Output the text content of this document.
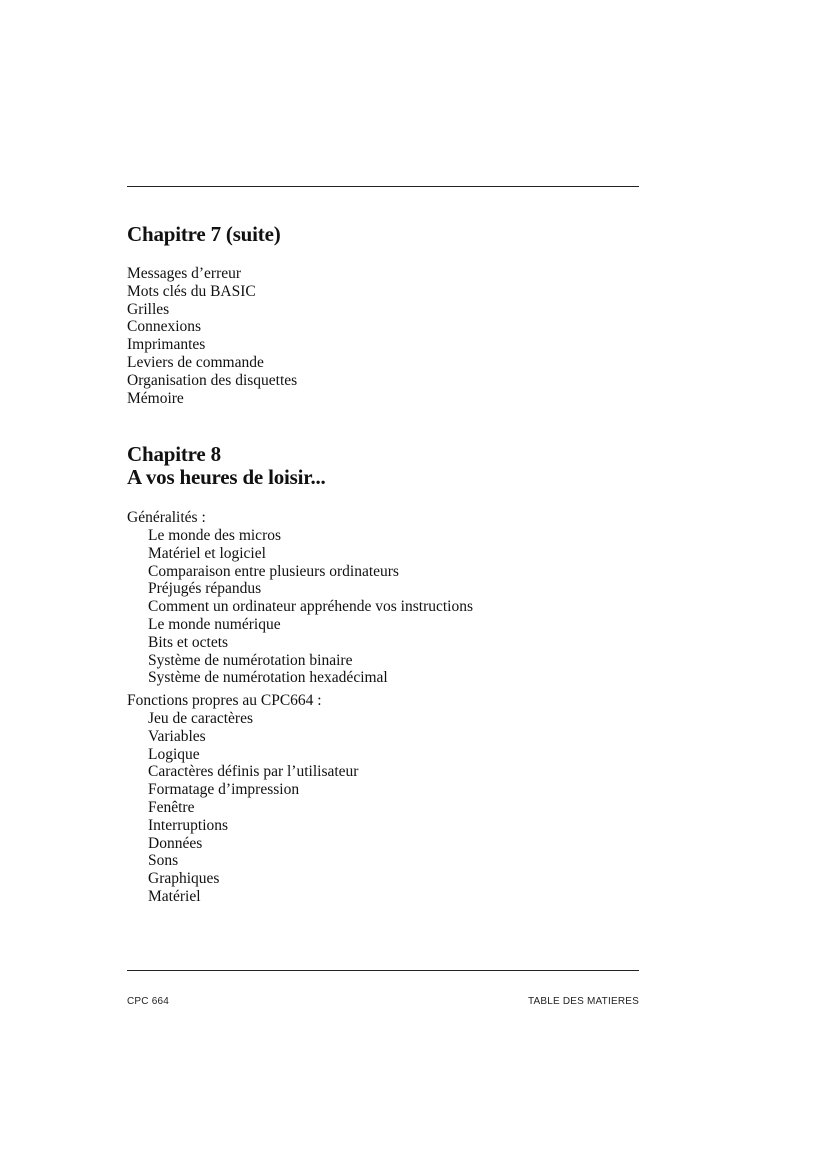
Chapitre 7 (suite)
Messages d’erreur
Mots clés du BASIC
Grilles
Connexions
Imprimantes
Leviers de commande
Organisation des disquettes
Mémoire
Chapitre 8
A vos heures de loisir...

Généralités :

Le monde des micros
Matériel et logiciel
Comparaison entre plusieurs ordinateurs
Préjugés répandus
Comment un ordinateur appréhende vos instructions
Le monde numérique
Bits et octets
Système de numérotation binaire
Système de numérotation hexadécimal

Fonctions propres au CPC664 :

Jeu de caractères
Variables
Logique
Caractères définis par l’utilisateur
Formatage d’impression
Fenêtre
Interruptions
Données
Sons
Graphiques
Matériel
CPC 664	TABLE DES MATIERES
